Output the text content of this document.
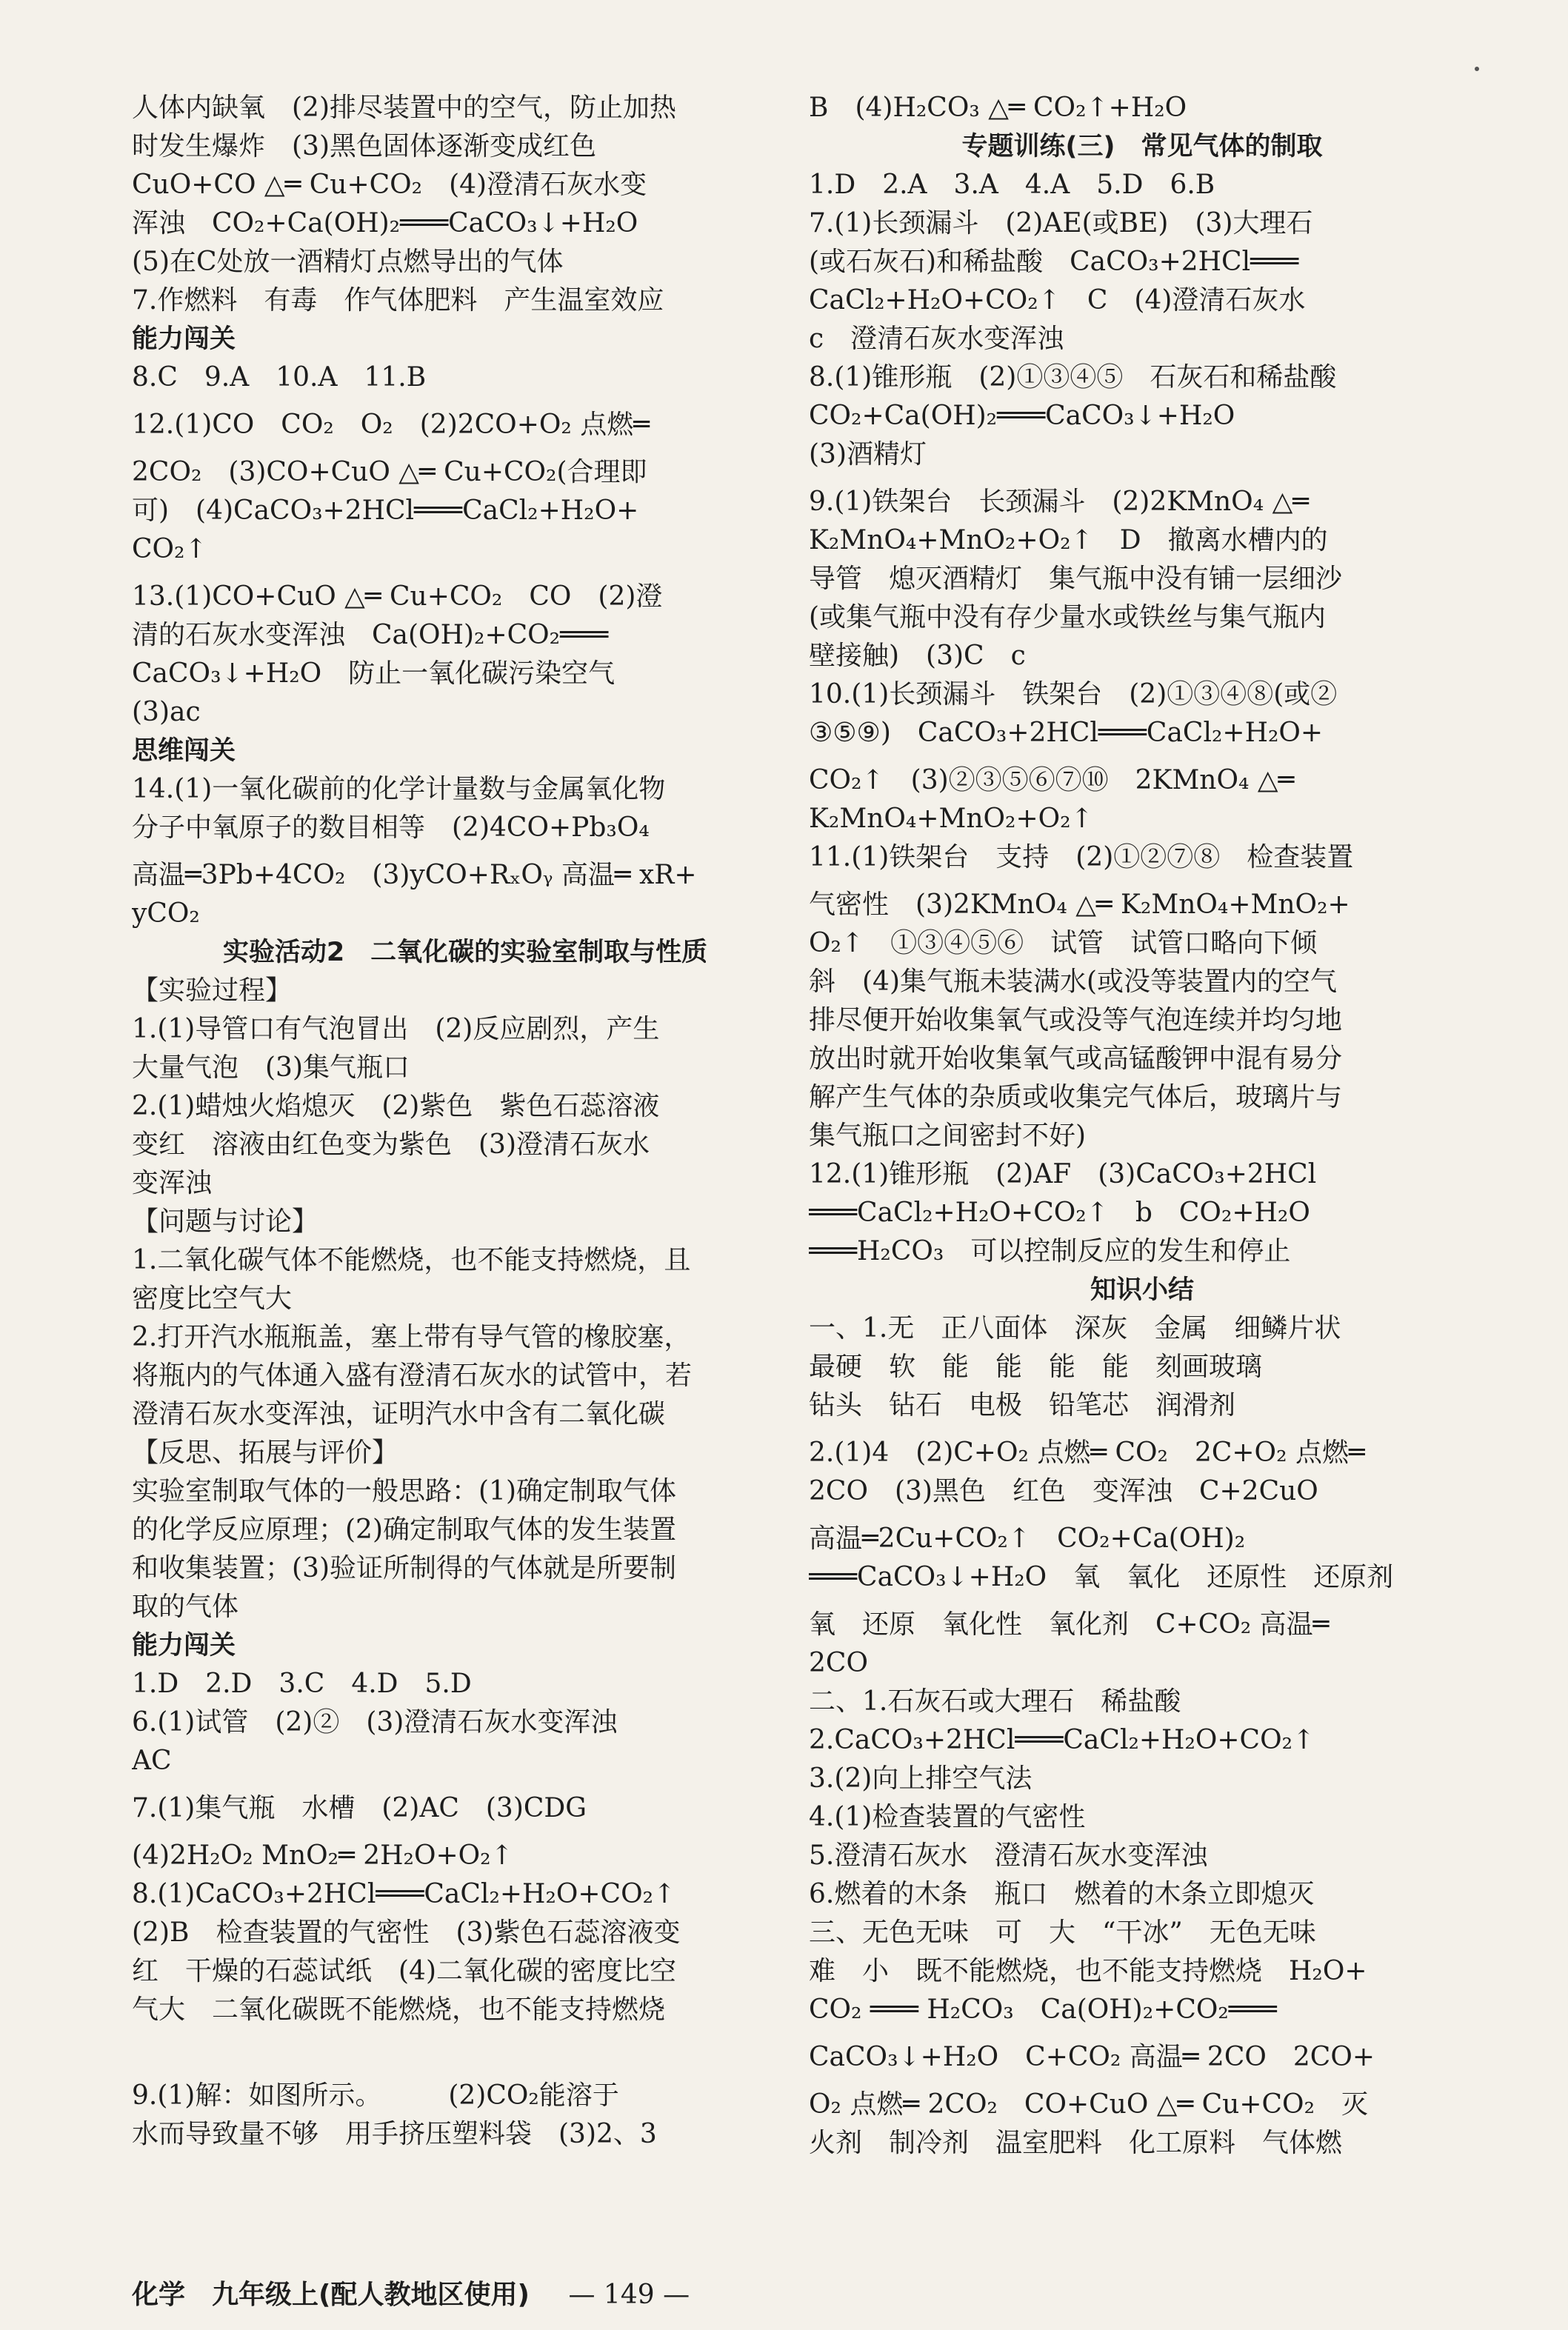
人体内缺氧　(2)排尽装置中的空气，防止加热
时发生爆炸　(3)黑色固体逐渐变成红色
CuO+CO △═ Cu+CO₂　(4)澄清石灰水变
浑浊　CO₂+Ca(OH)₂═══CaCO₃↓+H₂O
(5)在C处放一酒精灯点燃导出的气体
7.作燃料　有毒　作气体肥料　产生温室效应
能力闯关
8.C　9.A　10.A　11.B
12.(1)CO　CO₂　O₂　(2)2CO+O₂ 点燃═
2CO₂　(3)CO+CuO △═ Cu+CO₂(合理即
可)　(4)CaCO₃+2HCl═══CaCl₂+H₂O+
CO₂↑
13.(1)CO+CuO △═ Cu+CO₂　CO　(2)澄
清的石灰水变浑浊　Ca(OH)₂+CO₂═══
CaCO₃↓+H₂O　防止一氧化碳污染空气
(3)ac
思维闯关
14.(1)一氧化碳前的化学计量数与金属氧化物
分子中氧原子的数目相等　(2)4CO+Pb₃O₄
高温═3Pb+4CO₂　(3)yCO+RₓOᵧ 高温═ xR+
yCO₂
实验活动2　二氧化碳的实验室制取与性质
【实验过程】
1.(1)导管口有气泡冒出　(2)反应剧烈，产生
大量气泡　(3)集气瓶口
2.(1)蜡烛火焰熄灭　(2)紫色　紫色石蕊溶液
变红　溶液由红色变为紫色　(3)澄清石灰水
变浑浊
【问题与讨论】
1.二氧化碳气体不能燃烧，也不能支持燃烧，且
密度比空气大
2.打开汽水瓶瓶盖，塞上带有导气管的橡胶塞，
将瓶内的气体通入盛有澄清石灰水的试管中，若
澄清石灰水变浑浊，证明汽水中含有二氧化碳
【反思、拓展与评价】
实验室制取气体的一般思路：(1)确定制取气体
的化学反应原理；(2)确定制取气体的发生装置
和收集装置；(3)验证所制得的气体就是所要制
取的气体
能力闯关
1.D　2.D　3.C　4.D　5.D
6.(1)试管　(2)②　(3)澄清石灰水变浑浊
AC
7.(1)集气瓶　水槽　(2)AC　(3)CDG
(4)2H₂O₂ MnO₂═ 2H₂O+O₂↑
8.(1)CaCO₃+2HCl═══CaCl₂+H₂O+CO₂↑
(2)B　检查装置的气密性　(3)紫色石蕊溶液变
红　干燥的石蕊试纸　(4)二氧化碳的密度比空
气大　二氧化碳既不能燃烧，也不能支持燃烧
9.(1)解：如图所示。　　　(2)CO₂能溶于
水而导致量不够　用手挤压塑料袋　(3)2、3
B　(4)H₂CO₃ △═ CO₂↑+H₂O
专题训练(三)　常见气体的制取
1.D　2.A　3.A　4.A　5.D　6.B
7.(1)长颈漏斗　(2)AE(或BE)　(3)大理石
(或石灰石)和稀盐酸　CaCO₃+2HCl═══
CaCl₂+H₂O+CO₂↑　C　(4)澄清石灰水
c　澄清石灰水变浑浊
8.(1)锥形瓶　(2)①③④⑤　石灰石和稀盐酸
CO₂+Ca(OH)₂═══CaCO₃↓+H₂O
(3)酒精灯
9.(1)铁架台　长颈漏斗　(2)2KMnO₄ △═
K₂MnO₄+MnO₂+O₂↑　D　撤离水槽内的
导管　熄灭酒精灯　集气瓶中没有铺一层细沙
(或集气瓶中没有存少量水或铁丝与集气瓶内
壁接触)　(3)C　c
10.(1)长颈漏斗　铁架台　(2)①③④⑧(或②
③⑤⑨)　CaCO₃+2HCl═══CaCl₂+H₂O+
CO₂↑　(3)②③⑤⑥⑦⑩　2KMnO₄ △═
K₂MnO₄+MnO₂+O₂↑
11.(1)铁架台　支持　(2)①②⑦⑧　检查装置
气密性　(3)2KMnO₄ △═ K₂MnO₄+MnO₂+
O₂↑　①③④⑤⑥　试管　试管口略向下倾
斜　(4)集气瓶未装满水(或没等装置内的空气
排尽便开始收集氧气或没等气泡连续并均匀地
放出时就开始收集氧气或高锰酸钾中混有易分
解产生气体的杂质或收集完气体后，玻璃片与
集气瓶口之间密封不好)
12.(1)锥形瓶　(2)AF　(3)CaCO₃+2HCl
═══CaCl₂+H₂O+CO₂↑　b　CO₂+H₂O
═══H₂CO₃　可以控制反应的发生和停止
知识小结
一、1.无　正八面体　深灰　金属　细鳞片状
最硬　软　能　能　能　能　刻画玻璃
钻头　钻石　电极　铅笔芯　润滑剂
2.(1)4　(2)C+O₂ 点燃═ CO₂　2C+O₂ 点燃═
2CO　(3)黑色　红色　变浑浊　C+2CuO
高温═2Cu+CO₂↑　CO₂+Ca(OH)₂
═══CaCO₃↓+H₂O　氧　氧化　还原性　还原剂
氧　还原　氧化性　氧化剂　C+CO₂ 高温═
2CO
二、1.石灰石或大理石　稀盐酸
2.CaCO₃+2HCl═══CaCl₂+H₂O+CO₂↑
3.(2)向上排空气法
4.(1)检查装置的气密性
5.澄清石灰水　澄清石灰水变浑浊
6.燃着的木条　瓶口　燃着的木条立即熄灭
三、无色无味　可　大　“干冰”　无色无味
难　小　既不能燃烧，也不能支持燃烧　H₂O+
CO₂ ═══ H₂CO₃　Ca(OH)₂+CO₂═══
CaCO₃↓+H₂O　C+CO₂ 高温═ 2CO　2CO+
O₂ 点燃═ 2CO₂　CO+CuO △═ Cu+CO₂　灭
火剂　制冷剂　温室肥料　化工原料　气体燃
化学　九年级上(配人教地区使用) — 149 —
